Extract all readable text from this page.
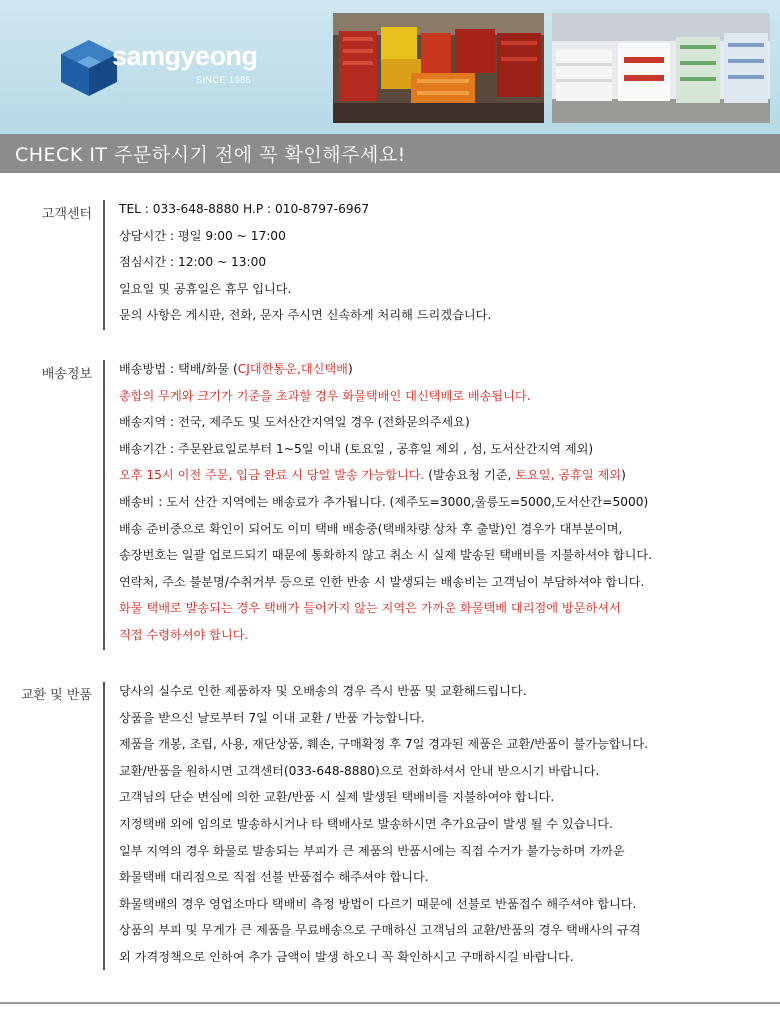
samgyeong
SINCE 1986
CHECK IT 주문하시기 전에 꼭 확인해주세요!
고객센터 TEL : 033-648-8880 H.P : 010-8797-6967
상담시간 : 평일 9:00 ~ 17:00
점심시간 : 12:00 ~ 13:00
일요일 및 공휴일은 휴무 입니다.
문의 사항은 게시판, 전화, 문자 주시면 신속하게 처리해 드리겠습니다.
배송정보 배송방법 : 택배/화물 (CJ대한통운,대신택배)
총합의 무게와 크기가 기준을 초과할 경우 화물택배인 대신택배로 배송됩니다.
배송지역 : 전국, 제주도 및 도서산간지역일 경우 (전화문의주세요)
배송기간 : 주문완료일로부터 1~5일 이내 (토요일 , 공휴일 제외 , 섬, 도서산간지역 제외)
오후 15시 이전 주문, 입금 완료 시 당일 발송 가능합니다. (발송요청 기준, 토요일, 공휴일 제외)
배송비 : 도서 산간 지역에는 배송료가 추가됩니다. (제주도=3000,울릉도=5000,도서산간=5000)
배송 준비중으로 확인이 되어도 이미 택배 배송중(택배차량 상차 후 출발)인 경우가 대부분이며,
송장번호는 일괄 업로드되기 때문에 통화하지 않고 취소 시 실제 발송된 택배비를 지불하셔야 합니다.
연락처, 주소 불분명/수취거부 등으로 인한 반송 시 발생되는 배송비는 고객님이 부담하셔야 합니다.
화물 택배로 발송되는 경우 택배가 들어가지 않는 지역은 가까운 화물택배 대리점에 방문하셔서
직접 수령하셔야 합니다.
교환 및 반품 당사의 실수로 인한 제품하자 및 오배송의 경우 즉시 반품 및 교환해드립니다.
상품을 받으신 날로부터 7일 이내 교환 / 반품 가능합니다.
제품을 개봉, 조립, 사용, 재단상품, 훼손, 구매확정 후 7일 경과된 제품은 교환/반품이 불가능합니다.
교환/반품을 원하시면 고객센터(033-648-8880)으로 전화하셔서 안내 받으시기 바랍니다.
고객님의 단순 변심에 의한 교환/반품 시 실제 발생된 택배비를 지불하여야 합니다.
지정택배 외에 임의로 발송하시거나 타 택배사로 발송하시면 추가요금이 발생 될 수 있습니다.
일부 지역의 경우 화물로 발송되는 부피가 큰 제품의 반품시에는 직접 수거가 불가능하며 가까운
화물택배 대리점으로 직접 선불 반품접수 해주셔야 합니다.
화물택배의 경우 영업소마다 택배비 측정 방법이 다르기 때문에 선불로 반품접수 해주셔야 합니다.
상품의 부피 및 무게가 큰 제품을 무료배송으로 구매하신 고객님의 교환/반품의 경우 택배사의 규격
외 가격정책으로 인하여 추가 금액이 발생 하오니 꼭 확인하시고 구매하시길 바랍니다.
